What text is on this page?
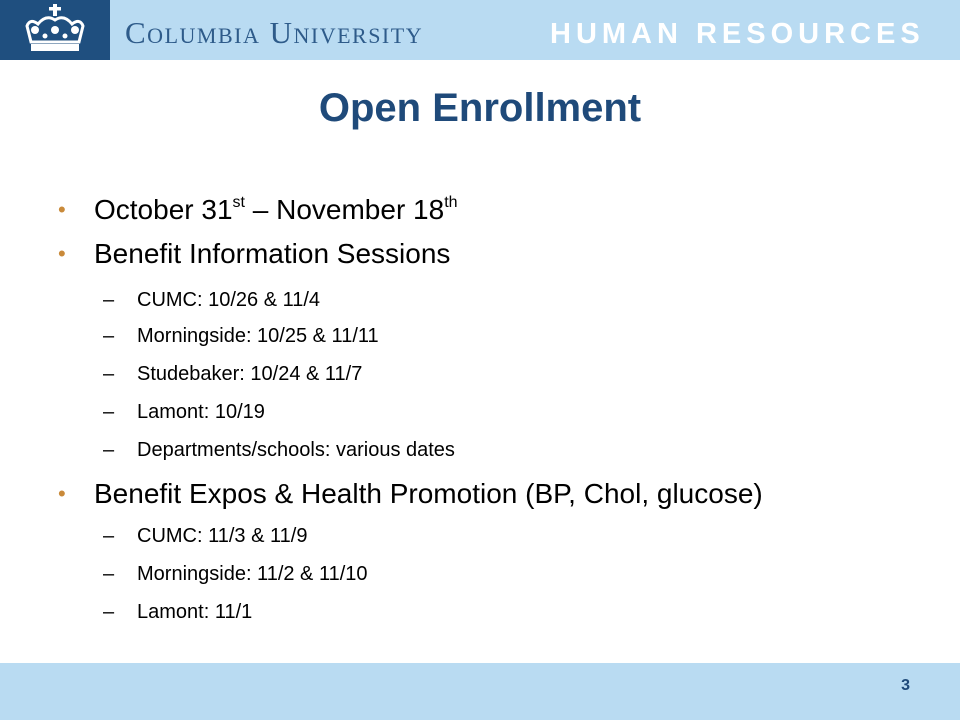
Columbia University	HUMAN RESOURCES
Open Enrollment
• October 31st – November 18th
• Benefit Information Sessions
– CUMC: 10/26 & 11/4
– Morningside: 10/25 & 11/11
– Studebaker: 10/24 & 11/7
– Lamont: 10/19
– Departments/schools: various dates
• Benefit Expos & Health Promotion (BP, Chol, glucose)
– CUMC: 11/3 & 11/9
– Morningside: 11/2 & 11/10
– Lamont: 11/1
3
